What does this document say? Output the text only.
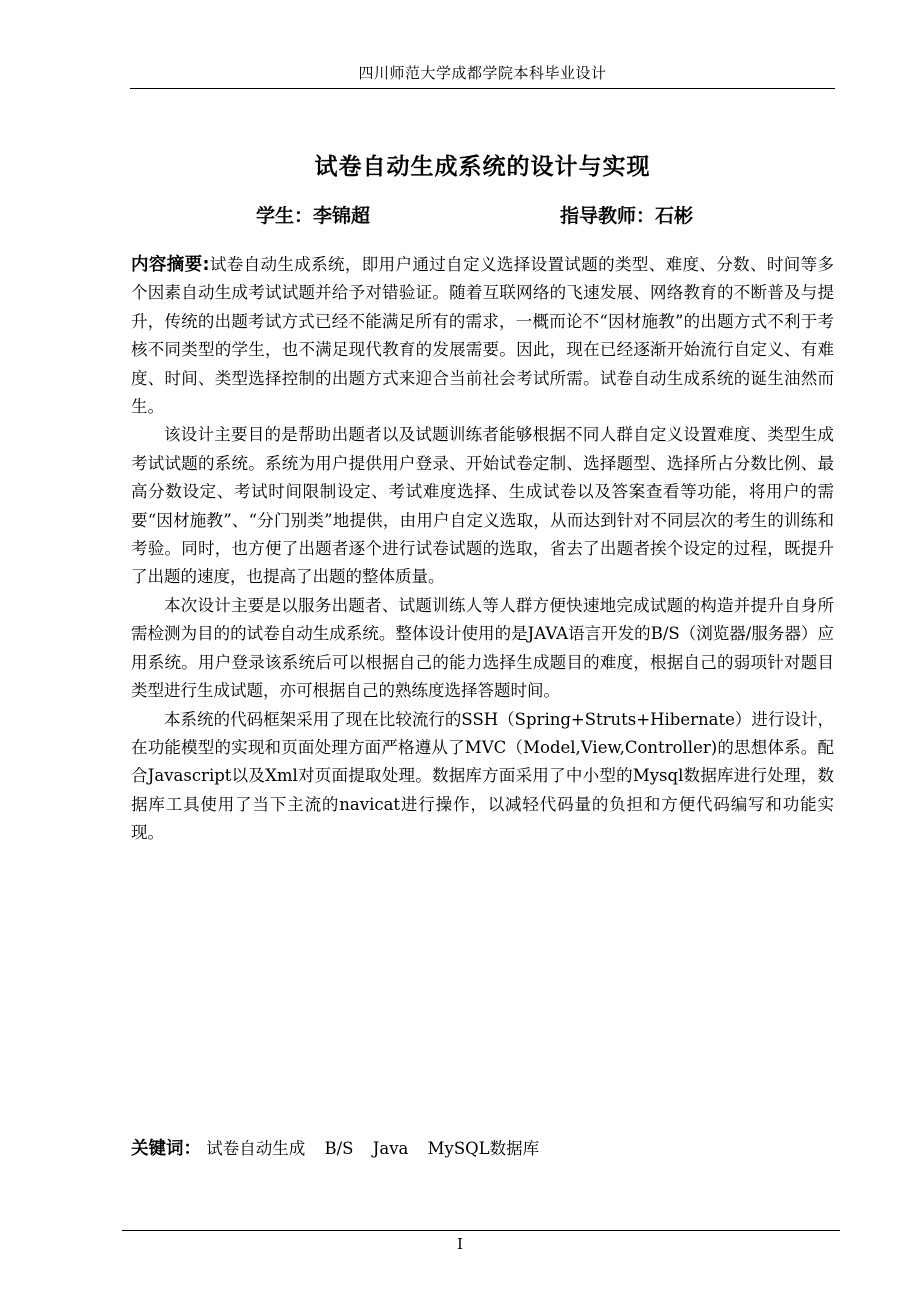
四川师范大学成都学院本科毕业设计
试卷自动生成系统的设计与实现
学生：李锦超	指导教师：石彬

内容摘要:试卷自动生成系统，即用户通过自定义选择设置试题的类型、难度、分数、时间等多个因素自动生成考试试题并给予对错验证。随着互联网络的飞速发展、网络教育的不断普及与提升，传统的出题考试方式已经不能满足所有的需求，一概而论不“因材施教”的出题方式不利于考核不同类型的学生，也不满足现代教育的发展需要。因此，现在已经逐渐开始流行自定义、有难度、时间、类型选择控制的出题方式来迎合当前社会考试所需。试卷自动生成系统的诞生油然而生。

该设计主要目的是帮助出题者以及试题训练者能够根据不同人群自定义设置难度、类型生成考试试题的系统。系统为用户提供用户登录、开始试卷定制、选择题型、选择所占分数比例、最高分数设定、考试时间限制设定、考试难度选择、生成试卷以及答案查看等功能，将用户的需要“因材施教”、“分门别类”地提供，由用户自定义选取，从而达到针对不同层次的考生的训练和考验。同时，也方便了出题者逐个进行试卷试题的选取，省去了出题者挨个设定的过程，既提升了出题的速度，也提高了出题的整体质量。

本次设计主要是以服务出题者、试题训练人等人群方便快速地完成试题的构造并提升自身所需检测为目的的试卷自动生成系统。整体设计使用的是JAVA语言开发的B/S（浏览器/服务器）应用系统。用户登录该系统后可以根据自己的能力选择生成题目的难度，根据自己的弱项针对题目类型进行生成试题，亦可根据自己的熟练度选择答题时间。

本系统的代码框架采用了现在比较流行的SSH（Spring+Struts+Hibernate）进行设计，在功能模型的实现和页面处理方面严格遵从了MVC（Model,View,Controller)的思想体系。配合Javascript以及Xml对页面提取处理。数据库方面采用了中小型的Mysql数据库进行处理，数据库工具使用了当下主流的navicat进行操作，以减轻代码量的负担和方便代码编写和功能实现。

关键词： 试卷自动生成 B/S Java MySQL数据库
I
